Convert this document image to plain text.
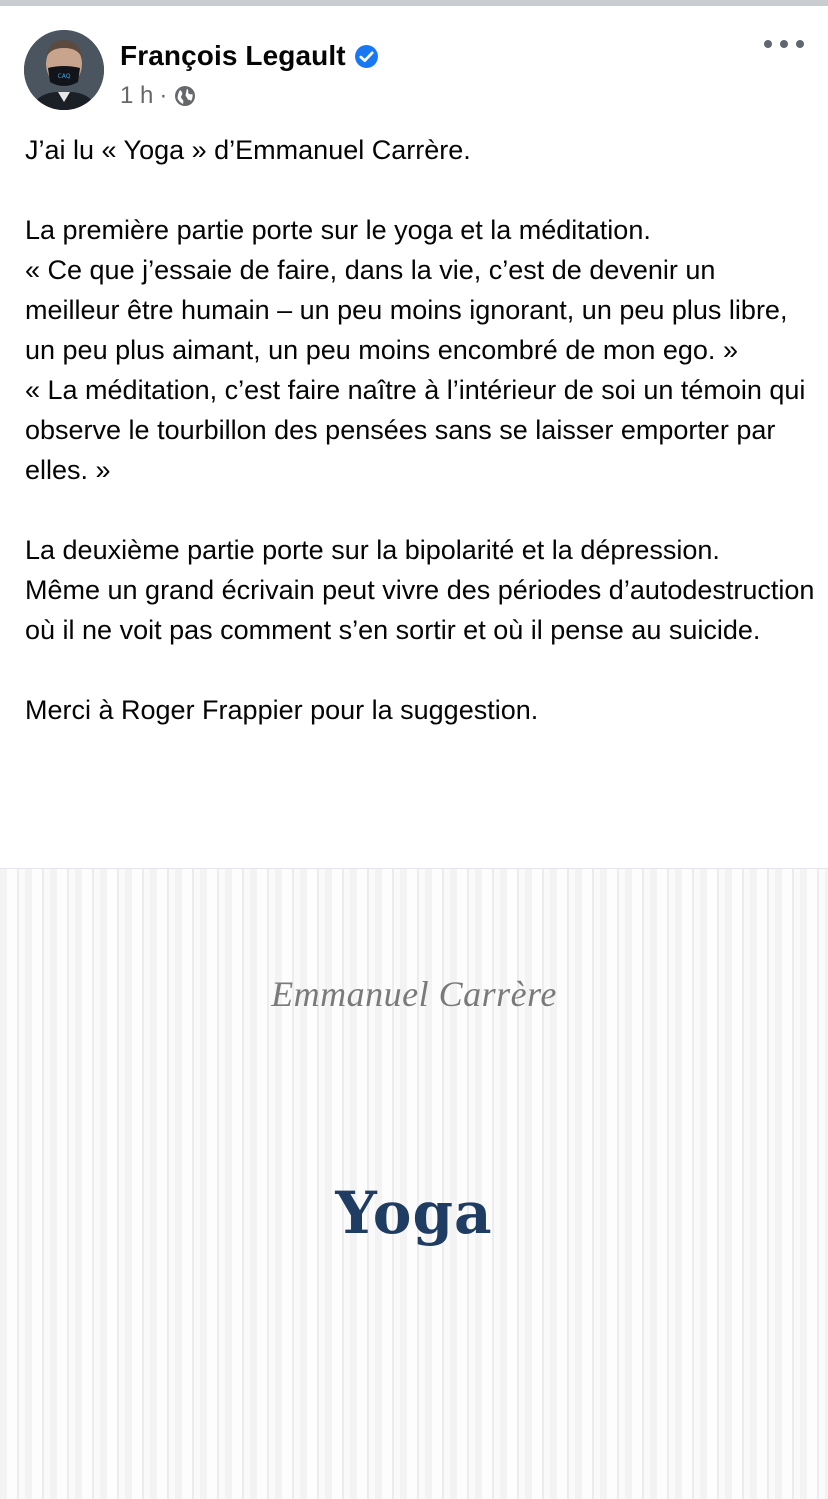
CAQ
François Legault
1 h ·

J’ai lu « Yoga » d’Emmanuel Carrère.

La première partie porte sur le yoga et la méditation.

« Ce que j’essaie de faire, dans la vie, c’est de devenir un meilleur être humain – un peu moins ignorant, un peu plus libre, un peu plus aimant, un peu moins encombré de mon ego. »

« La méditation, c’est faire naître à l’intérieur de soi un témoin qui observe le tourbillon des pensées sans se laisser emporter par elles. »

La deuxième partie porte sur la bipolarité et la dépression.

Même un grand écrivain peut vivre des périodes d’autodestruction où il ne voit pas comment s’en sortir et où il pense au suicide.

Merci à Roger Frappier pour la suggestion.

Emmanuel Carrère
Yoga
